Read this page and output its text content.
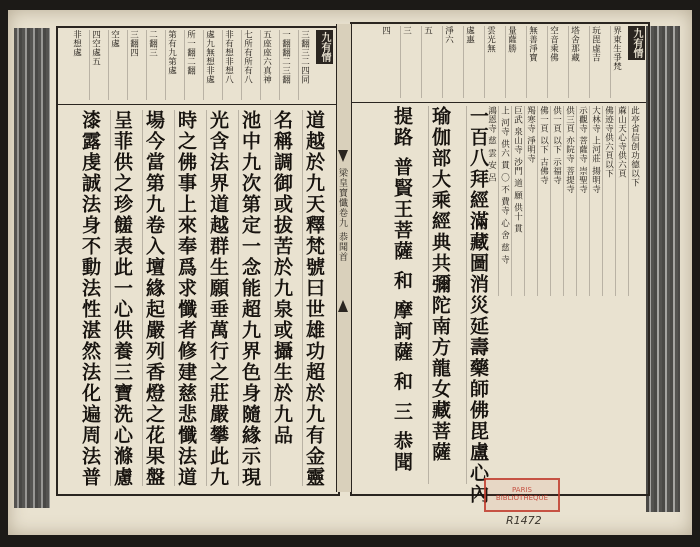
梁皇寶懺卷九 恭聞首
九有情
三翻三二四同
一翻翻二三翻
五座座六真神
七所有所有八
非有想非想八
處九無想非處
所一翻二翻
第有九第處
二翻三
三翻四
空處
四空處五
非想處	九有情
界東生爭梵
玩毘虛吉
塔舍那藏
空音乘佛
無善淨寶
量薩勝
雲光無
處惠
淨六
五
三
四
道越於九天釋梵號曰世雄功超於九有金靈
名稱調御或拔苦於九泉或攝生於九品
池中九次第定一念能超九界色身隨緣示現
光含法界道越群生願垂萬行之莊嚴攀此九
時之佛事上來奉爲求懺者修建慈悲懺法道
場今當第九卷入壇緣起嚴列香燈之花果盤
呈菲供之珍饈表此一心供養三寶洗心滌慮
漆露虔誠法身不動法性湛然法化遍周法普	此亭省信创功德以下
蔴山天心寺供六頁
佛迹寺供六頁以下
大林寺 上河莊 揚明寺
示觀寺 菩薩寺 崇聖寺
供三頁 亦院寺 菩提寺
供一頁 以下 示福寺
佛一頁 以下 古佛寺
羯寒寺 淨明寺
巨武 泉山寺 沙門 道 願 供十 貫
上 河寺 供六 貫 〇 不 費寺 心 舍 慈 寺
鴻恩寺 慈 雲 安 呂
一百八拜經滿藏圖消災延壽藥師佛毘盧心內
瑜伽部大乘經典共彌陀南方龍女藏菩薩
提路 普賢王菩薩 和 摩訶薩 和 三 恭聞
PARIS BIBLIOTHEQUE
R1472
